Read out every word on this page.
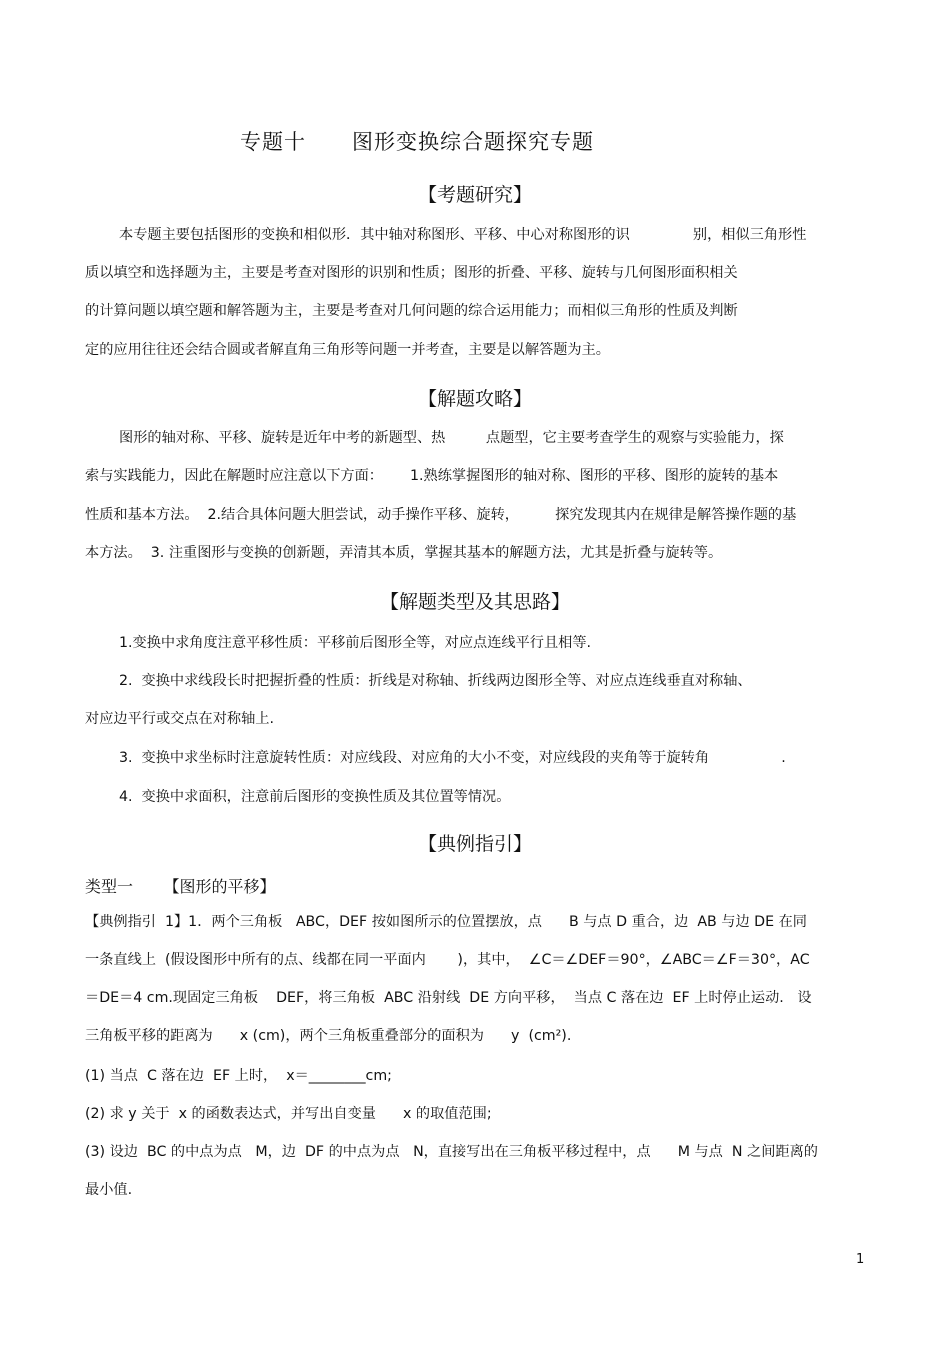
专题十      图形变换综合题探究专题
【考题研究】
本专题主要包括图形的变换和相似形．其中轴对称图形、平移、中心对称图形的识              别，相似三角形性
质以填空和选择题为主，主要是考查对图形的识别和性质；图形的折叠、平移、旋转与几何图形面积相关
的计算问题以填空题和解答题为主，主要是考查对几何问题的综合运用能力；而相似三角形的性质及判断
定的应用往往还会结合圆或者解直角三角形等问题一并考查，主要是以解答题为主。
【解题攻略】
图形的轴对称、平移、旋转是近年中考的新题型、热         点题型，它主要考查学生的观察与实验能力，探
索与实践能力，因此在解题时应注意以下方面：      1.熟练掌握图形的轴对称、图形的平移、图形的旋转的基本
性质和基本方法。  2.结合具体问题大胆尝试，动手操作平移、旋转，        探究发现其内在规律是解答操作题的基
本方法。  3. 注重图形与变换的创新题，弄清其本质，掌握其基本的解题方法，尤其是折叠与旋转等。
【解题类型及其思路】
1.变换中求角度注意平移性质：平移前后图形全等，对应点连线平行且相等.
2.  变换中求线段长时把握折叠的性质：折线是对称轴、折线两边图形全等、对应点连线垂直对称轴、
对应边平行或交点在对称轴上.
3.  变换中求坐标时注意旋转性质：对应线段、对应角的大小不变，对应线段的夹角等于旋转角                .
4.  变换中求面积，注意前后图形的变换性质及其位置等情况。
【典例指引】
类型一      【图形的平移】
【典例指引  1】1．两个三角板   ABC，DEF 按如图所示的位置摆放，点      B 与点 D 重合，边  AB 与边 DE 在同
一条直线上  (假设图形中所有的点、线都在同一平面内       )，其中，  ∠C＝∠DEF＝90°，∠ABC＝∠F＝30°，AC
＝DE＝4 cm.现固定三角板    DEF，将三角板  ABC 沿射线  DE 方向平移，  当点 C 落在边  EF 上时停止运动.   设
三角板平移的距离为      x (cm)，两个三角板重叠部分的面积为      y  (cm²).
(1) 当点  C 落在边  EF 上时，  x＝________cm;
(2) 求 y 关于  x 的函数表达式，并写出自变量      x 的取值范围;
(3) 设边  BC 的中点为点   M，边  DF 的中点为点   N，直接写出在三角板平移过程中，点      M 与点  N 之间距离的
最小值.
1
